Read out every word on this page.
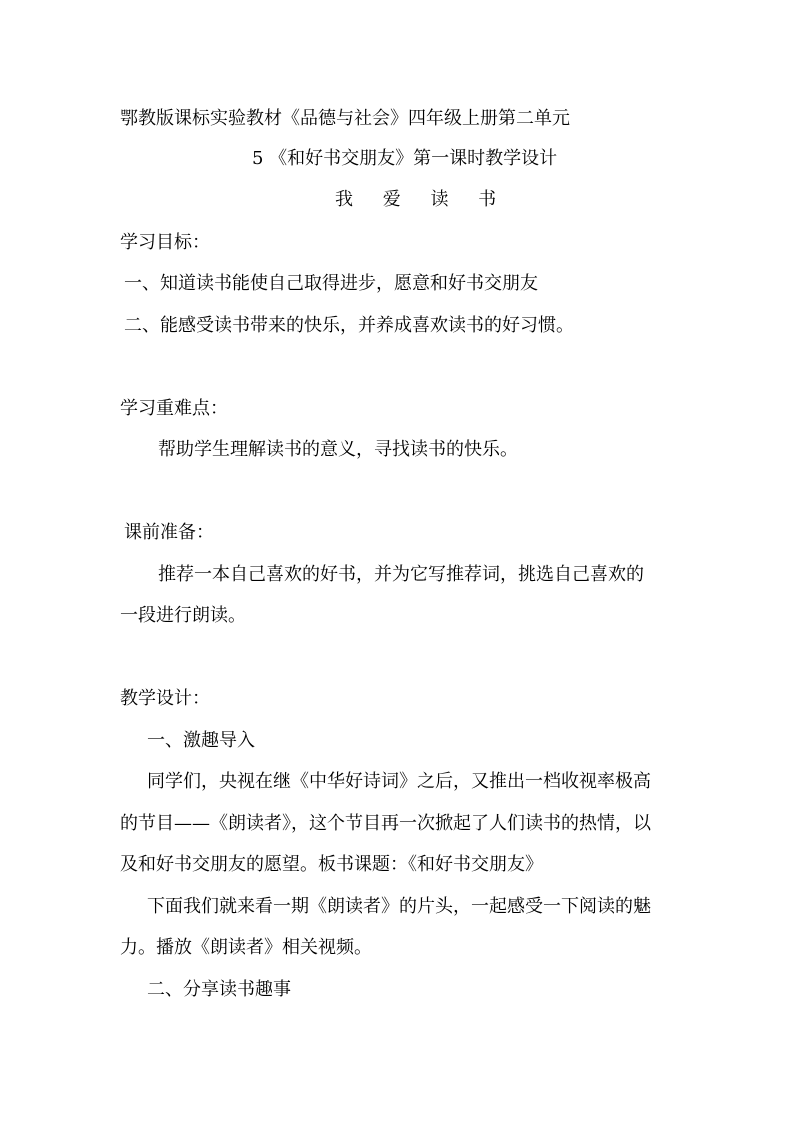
鄂教版课标实验教材《品德与社会》四年级上册第二单元
5 《和好书交朋友》第一课时教学设计
我 爱 读 书
学习目标：
一、知道读书能使自己取得进步，愿意和好书交朋友
二、能感受读书带来的快乐，并养成喜欢读书的好习惯。
学习重难点：
帮助学生理解读书的意义，寻找读书的快乐。
课前准备：
推荐一本自己喜欢的好书，并为它写推荐词，挑选自己喜欢的
一段进行朗读。
教学设计：
一、激趣导入
同学们，央视在继《中华好诗词》之后，又推出一档收视率极高
的节目——《朗读者》，这个节目再一次掀起了人们读书的热情，以
及和好书交朋友的愿望。板书课题：《和好书交朋友》
下面我们就来看一期《朗读者》的片头，一起感受一下阅读的魅
力。播放《朗读者》相关视频。
二、分享读书趣事
